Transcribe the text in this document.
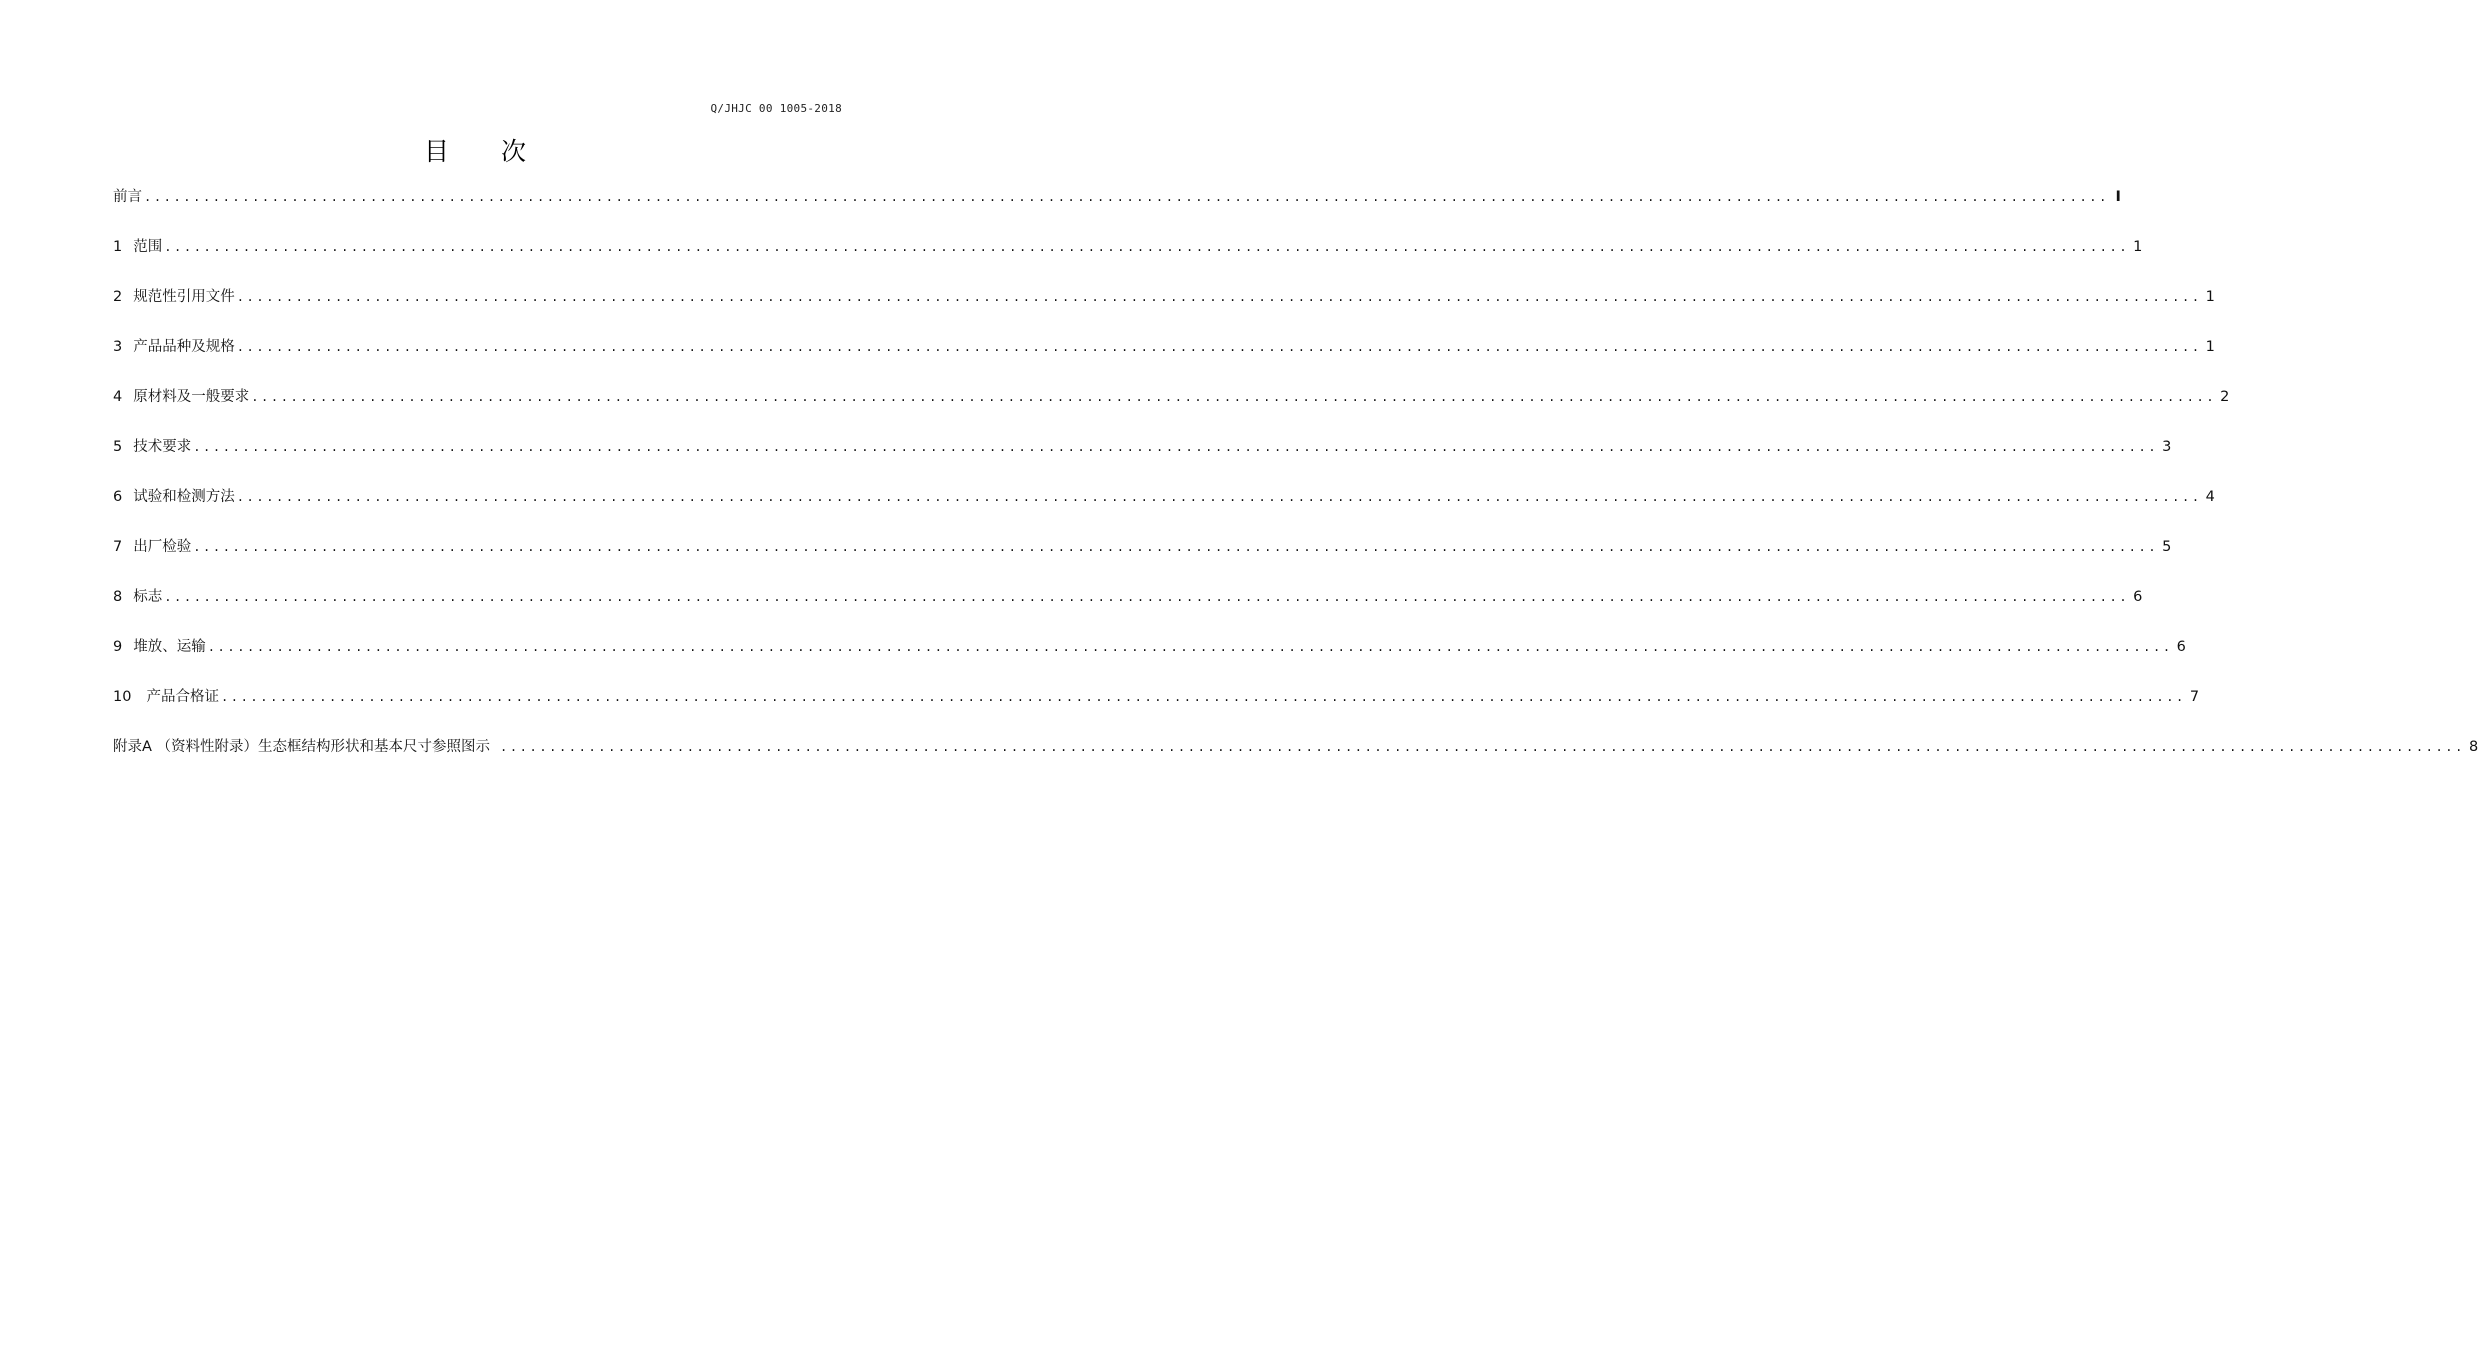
Q/JHJC 00 1005-2018
目 次
前言 ........................................................................................................................................................................................................ I
1 范围 ........................................................................................................................................................................................................ 1
2 规范性引用文件 ........................................................................................................................................................................................................ 1
3 产品品种及规格 ........................................................................................................................................................................................................ 1
4 原材料及一般要求 ........................................................................................................................................................................................................ 2
5 技术要求 ........................................................................................................................................................................................................ 3
6 试验和检测方法 ........................................................................................................................................................................................................ 4
7 出厂检验 ........................................................................................................................................................................................................ 5
8 标志 ........................................................................................................................................................................................................ 6
9 堆放、运输 ........................................................................................................................................................................................................ 6
10	产品合格证 ........................................................................................................................................................................................................ 7
附录A （资料性附录）生态框结构形状和基本尺寸参照图示 ........................................................................................................................................................................................................ 8
